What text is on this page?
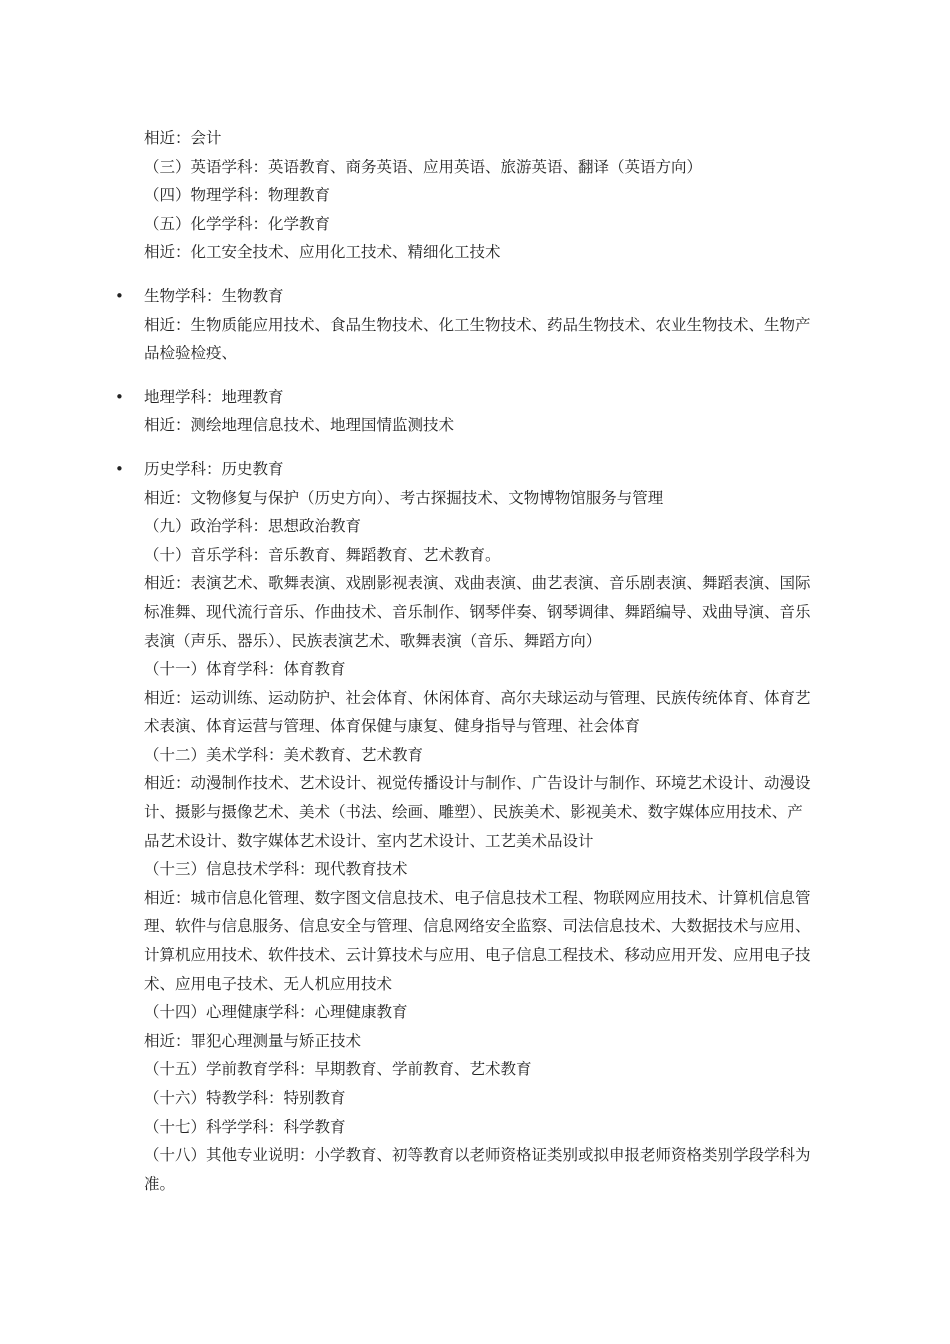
相近：会计
（三）英语学科：英语教育、商务英语、应用英语、旅游英语、翻译（英语方向）
（四）物理学科：物理教育
（五）化学学科：化学教育
相近：化工安全技术、应用化工技术、精细化工技术
• 生物学科：生物教育
相近：生物质能应用技术、食品生物技术、化工生物技术、药品生物技术、农业生物技术、生物产品检验检疫、
• 地理学科：地理教育
相近：测绘地理信息技术、地理国情监测技术
• 历史学科：历史教育
相近：文物修复与保护（历史方向）、考古探掘技术、文物博物馆服务与管理
（九）政治学科：思想政治教育
（十）音乐学科：音乐教育、舞蹈教育、艺术教育。
相近：表演艺术、歌舞表演、戏剧影视表演、戏曲表演、曲艺表演、音乐剧表演、舞蹈表演、国际标准舞、现代流行音乐、作曲技术、音乐制作、钢琴伴奏、钢琴调律、舞蹈编导、戏曲导演、音乐表演（声乐、器乐）、民族表演艺术、歌舞表演（音乐、舞蹈方向）
（十一）体育学科：体育教育
相近：运动训练、运动防护、社会体育、休闲体育、高尔夫球运动与管理、民族传统体育、体育艺术表演、体育运营与管理、体育保健与康复、健身指导与管理、社会体育
（十二）美术学科：美术教育、艺术教育
相近：动漫制作技术、艺术设计、视觉传播设计与制作、广告设计与制作、环境艺术设计、动漫设计、摄影与摄像艺术、美术（书法、绘画、雕塑）、民族美术、影视美术、数字媒体应用技术、产品艺术设计、数字媒体艺术设计、室内艺术设计、工艺美术品设计
（十三）信息技术学科：现代教育技术
相近：城市信息化管理、数字图文信息技术、电子信息技术工程、物联网应用技术、计算机信息管理、软件与信息服务、信息安全与管理、信息网络安全监察、司法信息技术、大数据技术与应用、计算机应用技术、软件技术、云计算技术与应用、电子信息工程技术、移动应用开发、应用电子技术、应用电子技术、无人机应用技术
（十四）心理健康学科：心理健康教育
相近：罪犯心理测量与矫正技术
（十五）学前教育学科：早期教育、学前教育、艺术教育
（十六）特教学科：特别教育
（十七）科学学科：科学教育
（十八）其他专业说明：小学教育、初等教育以老师资格证类别或拟申报老师资格类别学段学科为准。
